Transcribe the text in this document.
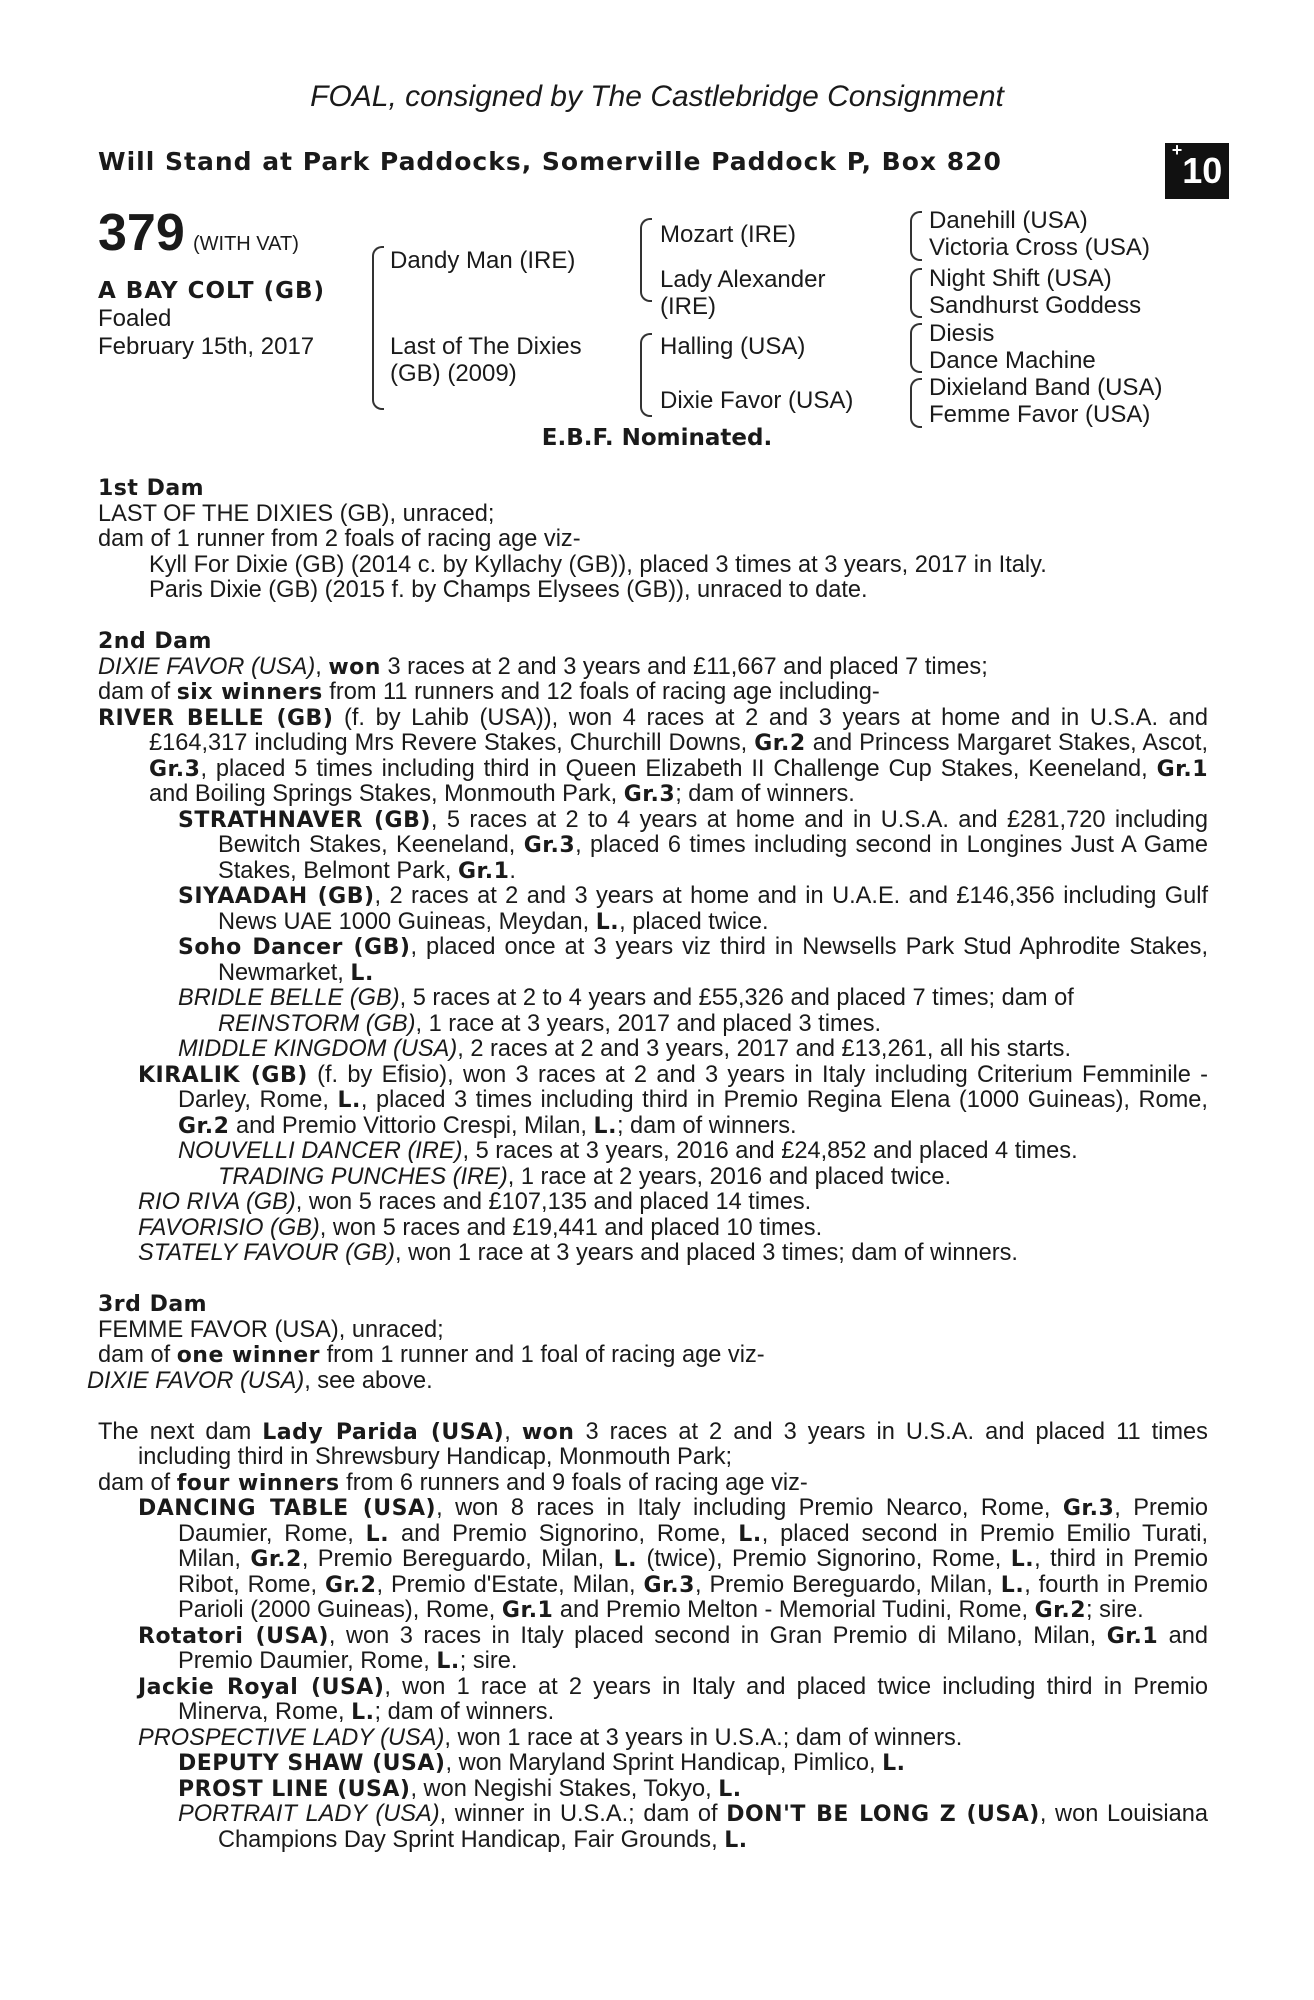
FOAL, consigned by The Castlebridge Consignment
Will Stand at Park Paddocks, Somerville Paddock P, Box 820	+10
379 (WITH VAT)
A BAY COLT (GB)
Foaled
February 15th, 2017
Dandy Man (IRE)
Last of The Dixies (GB) (2009)
Mozart (IRE)
Lady Alexander (IRE)
Halling (USA)
Dixie Favor (USA)
Danehill (USA)
Victoria Cross (USA)
Night Shift (USA)
Sandhurst Goddess
Diesis
Dance Machine
Dixieland Band (USA)
Femme Favor (USA)
E.B.F. Nominated.

1st Dam

LAST OF THE DIXIES (GB), unraced;

dam of 1 runner from 2 foals of racing age viz-

Kyll For Dixie (GB) (2014 c. by Kyllachy (GB)), placed 3 times at 3 years, 2017 in Italy.

Paris Dixie (GB) (2015 f. by Champs Elysees (GB)), unraced to date.

2nd Dam

DIXIE FAVOR (USA), won 3 races at 2 and 3 years and £11,667 and placed 7 times;

dam of six winners from 11 runners and 12 foals of racing age including-

RIVER BELLE (GB) (f. by Lahib (USA)), won 4 races at 2 and 3 years at home and in U.S.A. and £164,317 including Mrs Revere Stakes, Churchill Downs, Gr.2 and Princess Margaret Stakes, Ascot, Gr.3, placed 5 times including third in Queen Elizabeth II Challenge Cup Stakes, Keeneland, Gr.1 and Boiling Springs Stakes, Monmouth Park, Gr.3; dam of winners.

STRATHNAVER (GB), 5 races at 2 to 4 years at home and in U.S.A. and £281,720 including Bewitch Stakes, Keeneland, Gr.3, placed 6 times including second in Longines Just A Game Stakes, Belmont Park, Gr.1.

SIYAADAH (GB), 2 races at 2 and 3 years at home and in U.A.E. and £146,356 including Gulf News UAE 1000 Guineas, Meydan, L., placed twice.

Soho Dancer (GB), placed once at 3 years viz third in Newsells Park Stud Aphrodite Stakes, Newmarket, L.

BRIDLE BELLE (GB), 5 races at 2 to 4 years and £55,326 and placed 7 times; dam of

REINSTORM (GB), 1 race at 3 years, 2017 and placed 3 times.

MIDDLE KINGDOM (USA), 2 races at 2 and 3 years, 2017 and £13,261, all his starts.

KIRALIK (GB) (f. by Efisio), won 3 races at 2 and 3 years in Italy including Criterium Femminile - Darley, Rome, L., placed 3 times including third in Premio Regina Elena (1000 Guineas), Rome, Gr.2 and Premio Vittorio Crespi, Milan, L.; dam of winners.

NOUVELLI DANCER (IRE), 5 races at 3 years, 2016 and £24,852 and placed 4 times.

TRADING PUNCHES (IRE), 1 race at 2 years, 2016 and placed twice.

RIO RIVA (GB), won 5 races and £107,135 and placed 14 times.

FAVORISIO (GB), won 5 races and £19,441 and placed 10 times.

STATELY FAVOUR (GB), won 1 race at 3 years and placed 3 times; dam of winners.

3rd Dam

FEMME FAVOR (USA), unraced;

dam of one winner from 1 runner and 1 foal of racing age viz-

DIXIE FAVOR (USA), see above.

The next dam Lady Parida (USA), won 3 races at 2 and 3 years in U.S.A. and placed 11 times including third in Shrewsbury Handicap, Monmouth Park;

dam of four winners from 6 runners and 9 foals of racing age viz-

DANCING TABLE (USA), won 8 races in Italy including Premio Nearco, Rome, Gr.3, Premio Daumier, Rome, L. and Premio Signorino, Rome, L., placed second in Premio Emilio Turati, Milan, Gr.2, Premio Bereguardo, Milan, L. (twice), Premio Signorino, Rome, L., third in Premio Ribot, Rome, Gr.2, Premio d'Estate, Milan, Gr.3, Premio Bereguardo, Milan, L., fourth in Premio Parioli (2000 Guineas), Rome, Gr.1 and Premio Melton - Memorial Tudini, Rome, Gr.2; sire.

Rotatori (USA), won 3 races in Italy placed second in Gran Premio di Milano, Milan, Gr.1 and Premio Daumier, Rome, L.; sire.

Jackie Royal (USA), won 1 race at 2 years in Italy and placed twice including third in Premio Minerva, Rome, L.; dam of winners.

PROSPECTIVE LADY (USA), won 1 race at 3 years in U.S.A.; dam of winners.

DEPUTY SHAW (USA), won Maryland Sprint Handicap, Pimlico, L.

PROST LINE (USA), won Negishi Stakes, Tokyo, L.

PORTRAIT LADY (USA), winner in U.S.A.; dam of DON'T BE LONG Z (USA), won Louisiana Champions Day Sprint Handicap, Fair Grounds, L.
